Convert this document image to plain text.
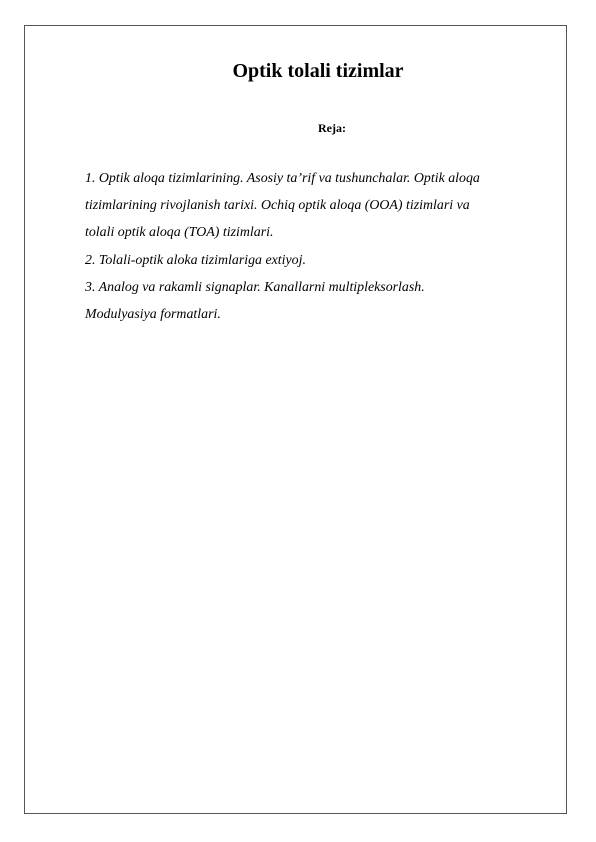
Optik tolali tizimlar
Reja:
1. Optik aloqa tizimlarining. Asosiy ta’rif va tushunchalar. Optik aloqa
tizimlarining rivojlanish tarixi. Ochiq optik aloqa (OOA) tizimlari va
tolali optik aloqa (TOA) tizimlari.
2. Tolali-optik aloka tizimlariga extiyoj.
3. Analog va rakamli signaplar. Kanallarni multipleksorlash.
Modulyasiya formatlari.
